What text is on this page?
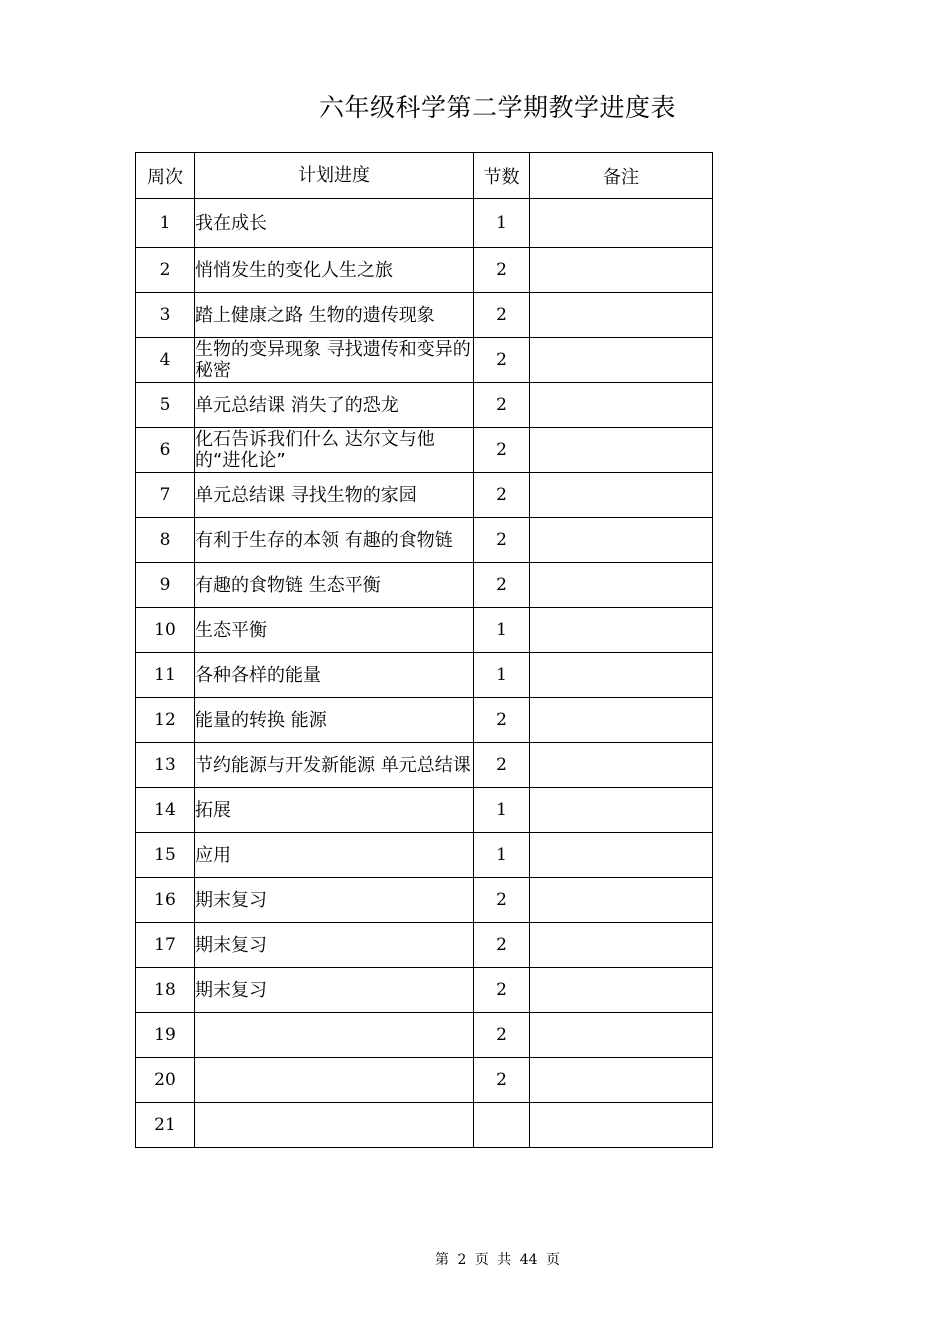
六年级科学第二学期教学进度表
周次	计划进度	节数	备注
1	我在成长	1	
2	悄悄发生的变化人生之旅	2	
3	踏上健康之路 生物的遗传现象	2	
4	生物的变异现象 寻找遗传和变异的秘密	2	
5	单元总结课 消失了的恐龙	2	
6	化石告诉我们什么 达尔文与他的“进化论”	2	
7	单元总结课 寻找生物的家园	2	
8	有利于生存的本领 有趣的食物链	2	
9	有趣的食物链 生态平衡	2	
10	生态平衡	1	
11	各种各样的能量	1	
12	能量的转换 能源	2	
13	节约能源与开发新能源 单元总结课	2	
14	拓展	1	
15	应用	1	
16	期末复习	2	
17	期末复习	2	
18	期末复习	2	
19		2	
20		2	
21			
第 2 页 共 44 页
